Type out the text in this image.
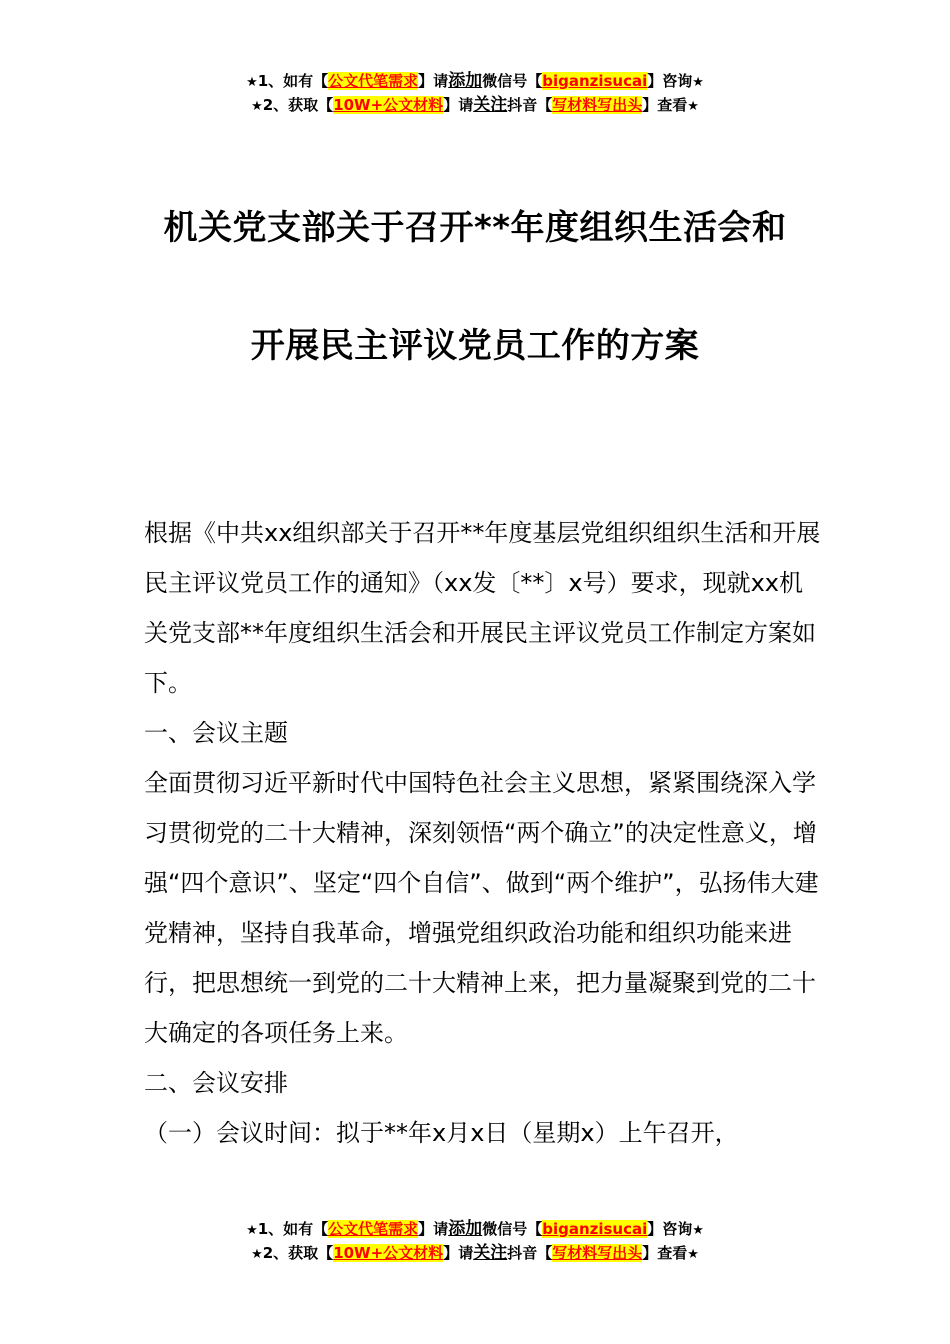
★1、如有【公文代笔需求】请添加微信号【biganzisucai】咨询★
★2、获取【10W+公文材料】请关注抖音【写材料写出头】查看★
机关党支部关于召开**年度组织生活会和
开展民主评议党员工作的方案

根据《中共xx组织部关于召开**年度基层党组织组织生活和开展民主评议党员工作的通知》（xx发〔**〕x号）要求，现就xx机关党支部**年度组织生活会和开展民主评议党员工作制定方案如下。

一、会议主题

全面贯彻习近平新时代中国特色社会主义思想，紧紧围绕深入学习贯彻党的二十大精神，深刻领悟“两个确立”的决定性意义，增强“四个意识”、坚定“四个自信”、做到“两个维护”，弘扬伟大建党精神，坚持自我革命，增强党组织政治功能和组织功能来进行，把思想统一到党的二十大精神上来，把力量凝聚到党的二十大确定的各项任务上来。

二、会议安排

（一）会议时间：拟于**年x月x日（星期x）上午召开，

★1、如有【公文代笔需求】请添加微信号【biganzisucai】咨询★
★2、获取【10W+公文材料】请关注抖音【写材料写出头】查看★
